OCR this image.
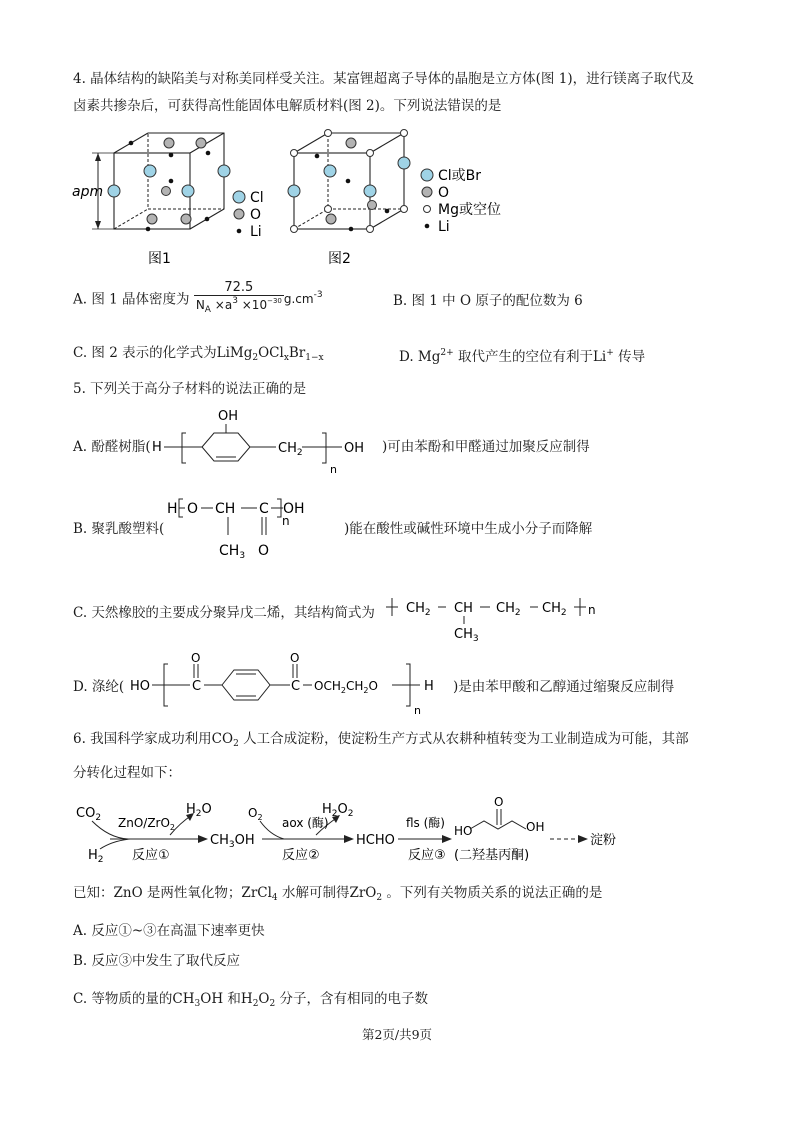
4. 晶体结构的缺陷美与对称美同样受关注。某富锂超离子导体的晶胞是立方体(图 1)，进行镁离子取代及
卤素共掺杂后，可获得高性能固体电解质材料(图 2)。下列说法错误的是
apm	Cl
O
Li
图1
Cl或Br
O
Mg或空位
Li
图2
A. 图 1 晶体密度为 $\frac{72.5}{N_A \times a^3 \times 10^{-30}} g.cm^{-3}$	B. 图 1 中 O 原子的配位数为 6
C. 图 2 表示的化学式为$LiMg_2OCl_xBr_{1-x}$	D. $Mg^{2+}$ 取代产生的空位有利于Li+ 传导
5. 下列关于高分子材料的说法正确的是
A. 酚醛树脂(
OH
H	$CH_2$	OH
n
)可由苯酚和甲醛通过加聚反应制得
B. 聚乳酸塑料(
H O CH C OH
n
$CH_3$ O
)能在酸性或碱性环境中生成小分子而降解
C. 天然橡胶的主要成分聚异戊二烯，其结构简式为 $CH_2$ CH $CH_2$ $CH_2$ n
$CH_3$
D. 涤纶( HO	C
O
C
O
$OCH_2CH_2O$	H
n
)是由苯甲酸和乙醇通过缩聚反应制得
6. 我国科学家成功利用$CO_2$ 人工合成淀粉，使淀粉生产方式从农耕种植转变为工业制造成为可能，其部
分转化过程如下：
$CO_2$
$H_2$
ZnO/ZrO$_2$
$H_2O$
反应①
$CH_3OH$
$O_2$ aox (酶)
$H_2O_2$
反应②
HCHO
fls (酶)
反应③
HO
O
OH
(二羟基丙酮)
淀粉
已知：ZnO 是两性氧化物；ZrCl$_4$ 水解可制得ZrO$_2$ 。下列有关物质关系的说法正确的是
A. 反应①~③在高温下速率更快
B. 反应③中发生了取代反应
C. 等物质的量的$CH_3OH$ 和$H_2O_2$ 分子，含有相同的电子数
第2页/共9页
